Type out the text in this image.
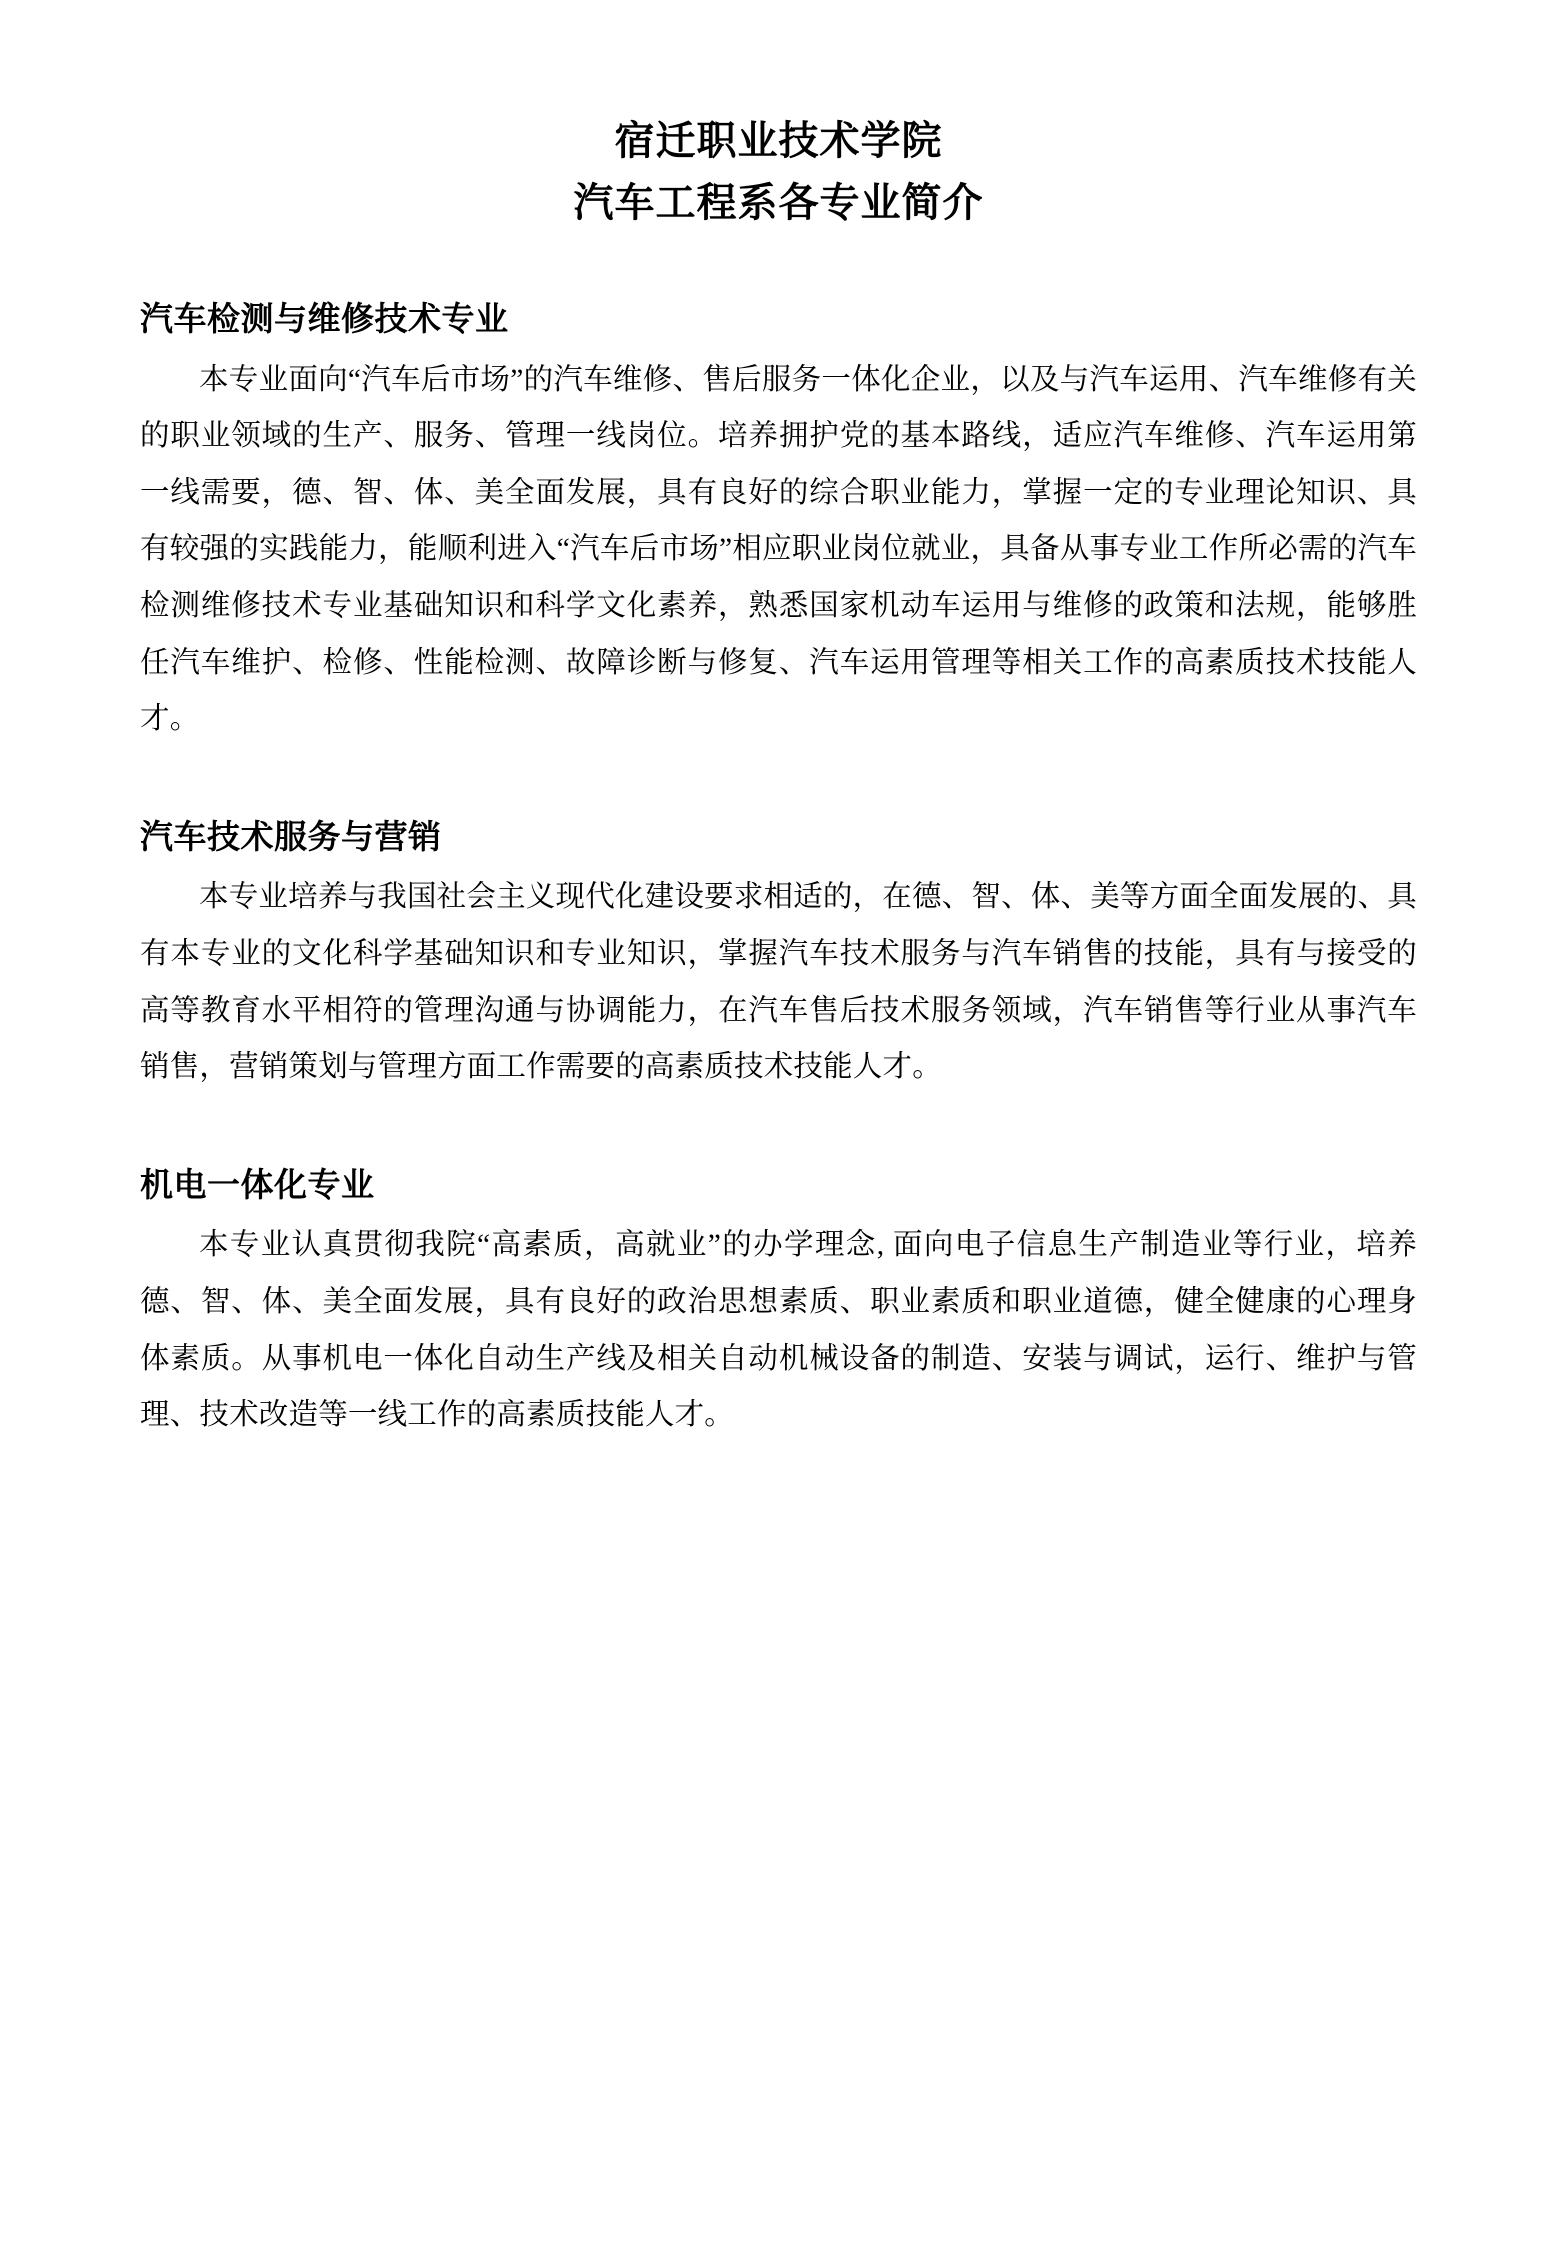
宿迁职业技术学院
汽车工程系各专业简介
汽车检测与维修技术专业

本专业面向“汽车后市场”的汽车维修、售后服务一体化企业，以及与汽车运用、汽车维修有关的职业领域的生产、服务、管理一线岗位。培养拥护党的基本路线，适应汽车维修、汽车运用第一线需要，德、智、体、美全面发展，具有良好的综合职业能力，掌握一定的专业理论知识、具有较强的实践能力，能顺利进入“汽车后市场”相应职业岗位就业，具备从事专业工作所必需的汽车检测维修技术专业基础知识和科学文化素养，熟悉国家机动车运用与维修的政策和法规，能够胜任汽车维护、检修、性能检测、故障诊断与修复、汽车运用管理等相关工作的高素质技术技能人才。

汽车技术服务与营销

本专业培养与我国社会主义现代化建设要求相适的，在德、智、体、美等方面全面发展的、具有本专业的文化科学基础知识和专业知识，掌握汽车技术服务与汽车销售的技能，具有与接受的高等教育水平相符的管理沟通与协调能力，在汽车售后技术服务领域，汽车销售等行业从事汽车销售，营销策划与管理方面工作需要的高素质技术技能人才。

机电一体化专业

本专业认真贯彻我院“高素质，高就业”的办学理念, 面向电子信息生产制造业等行业，培养德、智、体、美全面发展，具有良好的政治思想素质、职业素质和职业道德，健全健康的心理身体素质。从事机电一体化自动生产线及相关自动机械设备的制造、安装与调试，运行、维护与管理、技术改造等一线工作的高素质技能人才。
